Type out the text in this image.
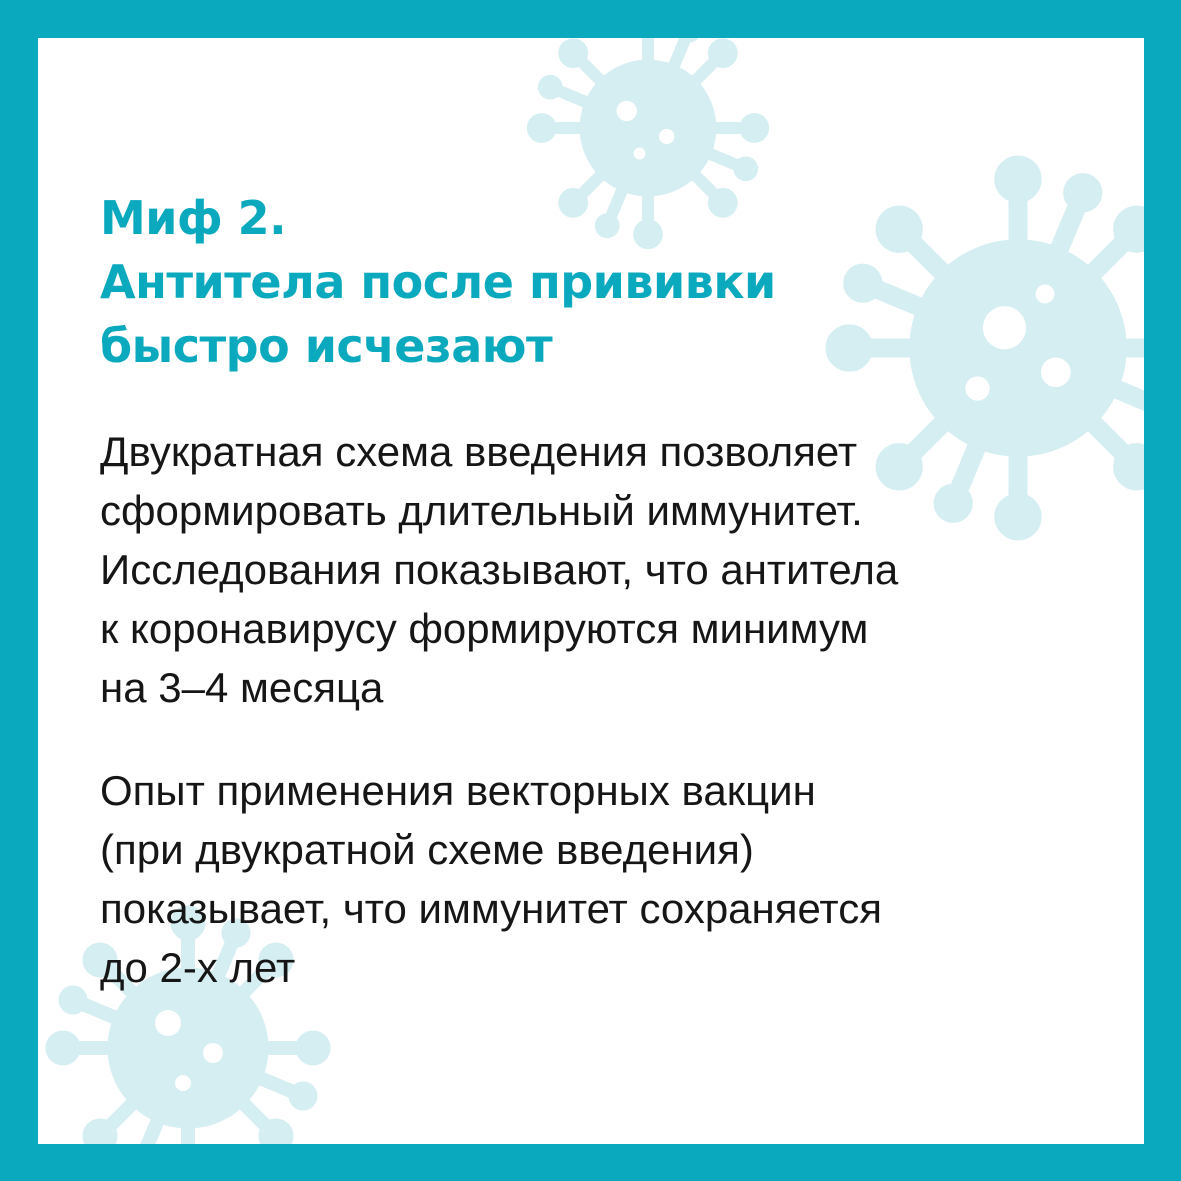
Миф 2.
Антитела после прививки
быстро исчезают

Двукратная схема введения позволяет
сформировать длительный иммунитет.
Исследования показывают, что антитела
к коронавирусу формируются минимум
на 3–4 месяца

Опыт применения векторных вакцин
(при двукратной схеме введения)
показывает, что иммунитет сохраняется
до 2-х лет
